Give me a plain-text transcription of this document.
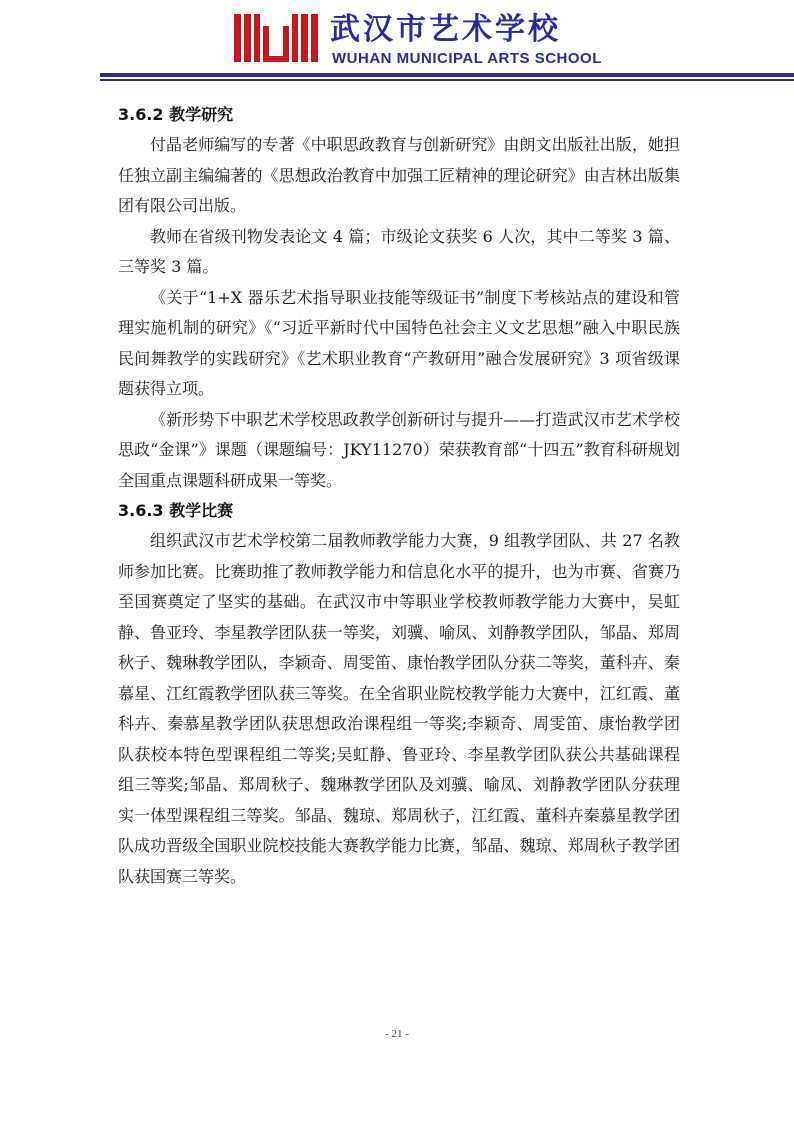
武汉市艺术学校
WUHAN MUNICIPAL ARTS SCHOOL
3.6.2 教学研究

付晶老师编写的专著《中职思政教育与创新研究》由朗文出版社出版，她担任独立副主编编著的《思想政治教育中加强工匠精神的理论研究》由吉林出版集团有限公司出版。

教师在省级刊物发表论文 4 篇；市级论文获奖 6 人次，其中二等奖 3 篇、三等奖 3 篇。

《关于“1+X 器乐艺术指导职业技能等级证书”制度下考核站点的建设和管理实施机制的研究》《“习近平新时代中国特色社会主义文艺思想”融入中职民族民间舞教学的实践研究》《艺术职业教育“产教研用”融合发展研究》3 项省级课题获得立项。

《新形势下中职艺术学校思政教学创新研讨与提升——打造武汉市艺术学校思政“金课”》课题（课题编号：JKY11270）荣获教育部“十四五”教育科研规划全国重点课题科研成果一等奖。

3.6.3 教学比赛

组织武汉市艺术学校第二届教师教学能力大赛，9 组教学团队、共 27 名教师参加比赛。比赛助推了教师教学能力和信息化水平的提升，也为市赛、省赛乃至国赛奠定了坚实的基础。在武汉市中等职业学校教师教学能力大赛中，吴虹静、鲁亚玲、李星教学团队获一等奖，刘骥、喻凤、刘静教学团队，邹晶、郑周秋子、魏琳教学团队，李颖奇、周雯笛、康怡教学团队分获二等奖，董科卉、秦慕星、江红霞教学团队获三等奖。在全省职业院校教学能力大赛中，江红霞、董科卉、秦慕星教学团队获思想政治课程组一等奖;李颖奇、周雯笛、康怡教学团队获校本特色型课程组二等奖;吴虹静、鲁亚玲、李星教学团队获公共基础课程组三等奖;邹晶、郑周秋子、魏琳教学团队及刘骥、喻凤、刘静教学团队分获理实一体型课程组三等奖。邹晶、魏琼、郑周秋子，江红霞、董科卉秦慕星教学团队成功晋级全国职业院校技能大赛教学能力比赛，邹晶、魏琼、郑周秋子教学团队获国赛三等奖。

- 21 -
